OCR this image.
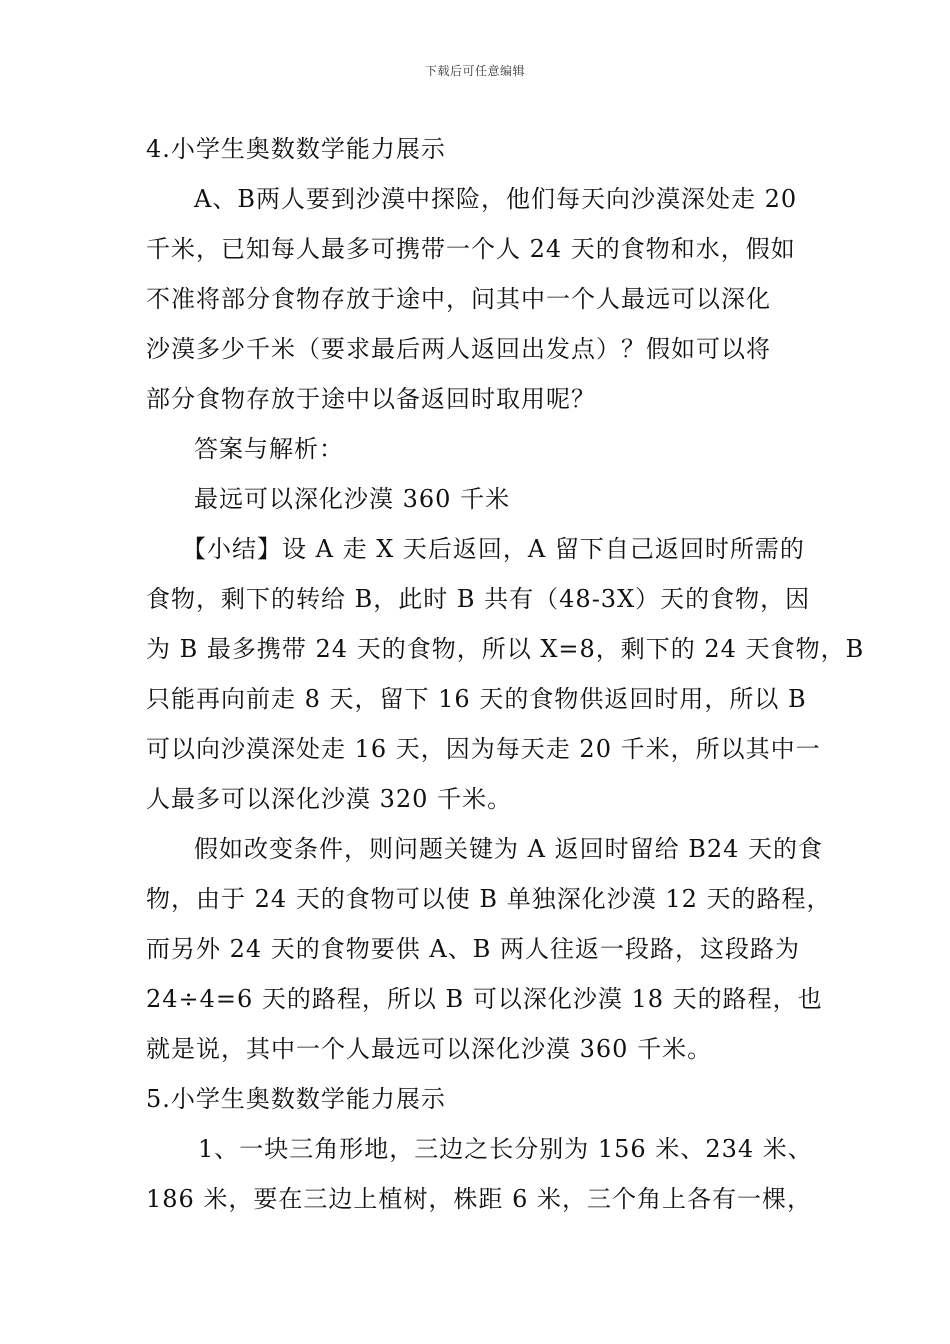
下载后可任意编辑
4.小学生奥数数学能力展示
A、B两人要到沙漠中探险，他们每天向沙漠深处走 20
千米，已知每人最多可携带一个人 24 天的食物和水，假如
不准将部分食物存放于途中，问其中一个人最远可以深化
沙漠多少千米（要求最后两人返回出发点）？假如可以将
部分食物存放于途中以备返回时取用呢？
答案与解析：
最远可以深化沙漠 360 千米
【小结】设 A 走 X 天后返回，A 留下自己返回时所需的
食物，剩下的转给 B，此时 B 共有（48-3X）天的食物，因
为 B 最多携带 24 天的食物，所以 X=8，剩下的 24 天食物，B
只能再向前走 8 天，留下 16 天的食物供返回时用，所以 B
可以向沙漠深处走 16 天，因为每天走 20 千米，所以其中一
人最多可以深化沙漠 320 千米。
假如改变条件，则问题关键为 A 返回时留给 B24 天的食
物，由于 24 天的食物可以使 B 单独深化沙漠 12 天的路程，
而另外 24 天的食物要供 A、B 两人往返一段路，这段路为
24÷4=6 天的路程，所以 B 可以深化沙漠 18 天的路程，也
就是说，其中一个人最远可以深化沙漠 360 千米。
5.小学生奥数数学能力展示
1、一块三角形地，三边之长分别为 156 米、234 米、
186 米，要在三边上植树，株距 6 米，三个角上各有一棵，
